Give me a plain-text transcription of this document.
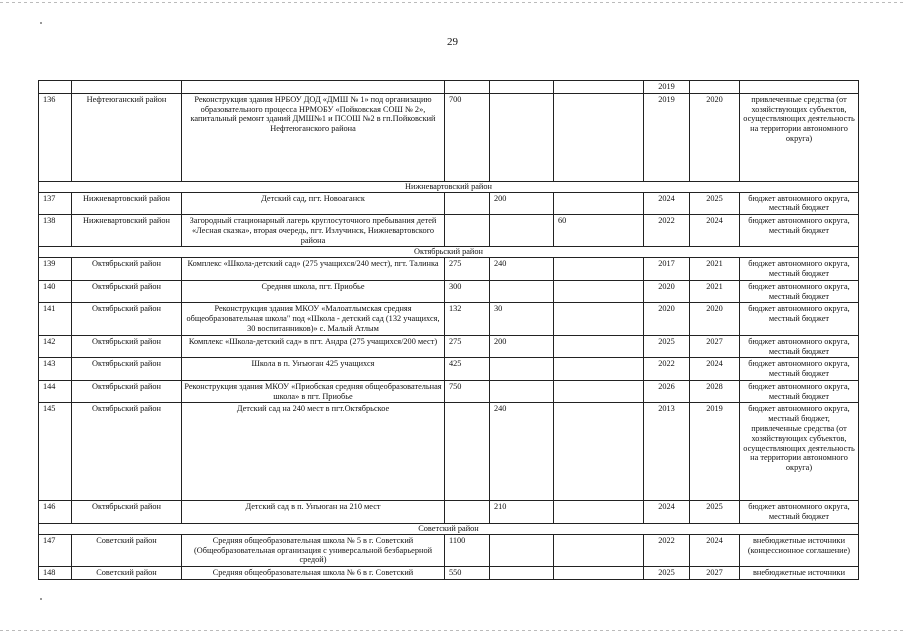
29
						2019		
136	Нефтеюганский район	Реконструкция здания НРБОУ ДОД «ДМШ № 1» под организацию образовательного процесса НРМОБУ «Пойковская СОШ № 2», капитальный ремонт зданий ДМШ№1 и ПСОШ №2 в гп.Пойковский Нефтеюганского района	700			2019	2020	привлеченные средства (от хозяйствующих субъектов, осуществляющих деятельность на территории автономного округа)
Нижневартовский район								
137	Нижневартовский район	Детский сад, пгт. Новоаганск		200		2024	2025	бюджет автономного округа, местный бюджет
138	Нижневартовский район	Загородный стационарный лагерь круглосуточного пребывания детей «Лесная сказка», вторая очередь, пгт. Излучинск, Нижневартовского района			60	2022	2024	бюджет автономного округа, местный бюджет
Октябрьский район								
139	Октябрьский район	Комплекс «Школа-детский сад» (275 учащихся/240 мест), пгт. Талинка	275	240		2017	2021	бюджет автономного округа, местный бюджет
140	Октябрьский район	Средняя школа, пгт. Приобье	300			2020	2021	бюджет автономного округа, местный бюджет
141	Октябрьский район	Реконструкция здания МКОУ «Малоатлымская средняя общеобразовательная школа" под «Школа - детский сад (132 учащихся, 30 воспитанников)» с. Малый Атлым	132	30		2020	2020	бюджет автономного округа, местный бюджет
142	Октябрьский район	Комплекс «Школа-детский сад» в пгт. Андра (275 учащихся/200 мест)	275	200		2025	2027	бюджет автономного округа, местный бюджет
143	Октябрьский район	Школа в п. Унъюган 425 учащихся	425			2022	2024	бюджет автономного округа, местный бюджет
144	Октябрьский район	Реконструкция здания МКОУ «Приобская средняя общеобразовательная школа» в пгт. Приобье	750			2026	2028	бюджет автономного округа, местный бюджет
145	Октябрьский район	Детский сад на 240 мест в пгт.Октябрьское		240		2013	2019	бюджет автономного округа, местный бюджет, привлеченные средства (от хозяйствующих субъектов, осуществляющих деятельность на территории автономного округа)
146	Октябрьский район	Детский сад в п. Унъюган на 210 мест		210		2024	2025	бюджет автономного округа, местный бюджет
Советский район								
147	Советский район	Средняя общеобразовательная школа № 5 в г. Советский (Общеобразовательная организация с универсальной безбарьерной средой)	1100			2022	2024	внебюджетные источники (концессионное соглашение)
148	Советский район	Средняя общеобразовательная школа № 6 в г. Советский	550			2025	2027	внебюджетные источники
